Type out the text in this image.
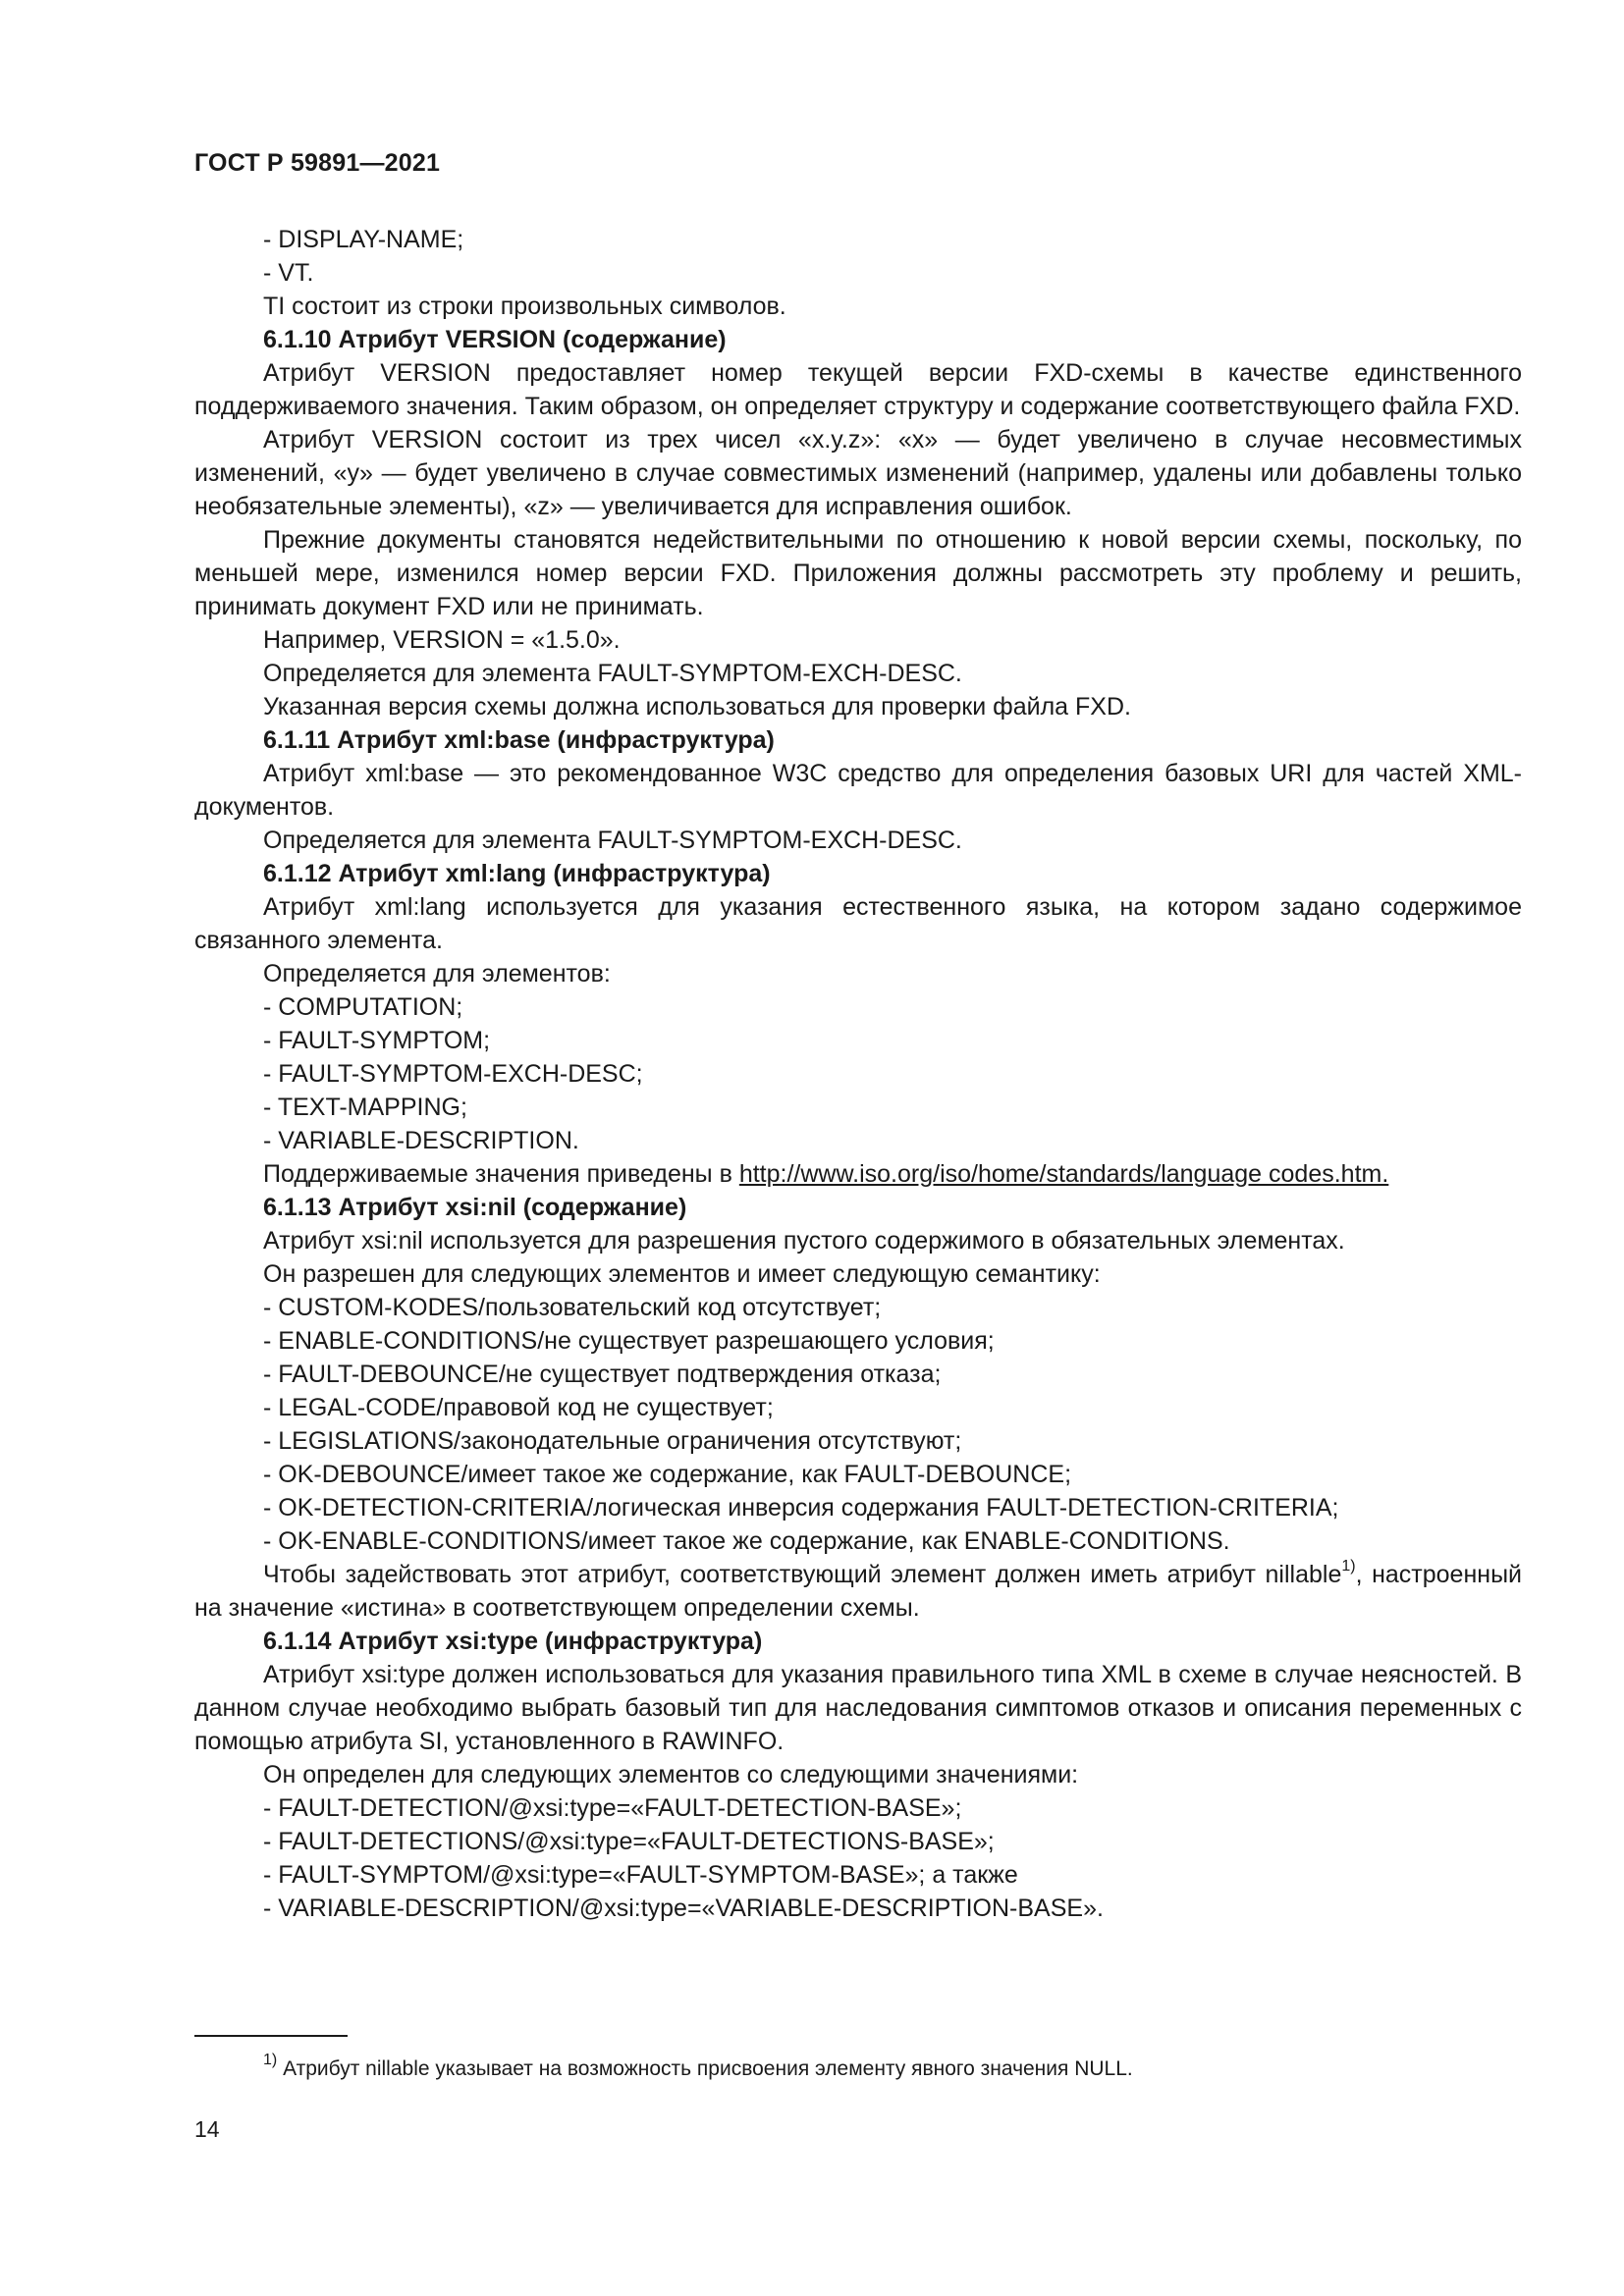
ГОСТ Р 59891—2021

- DISPLAY-NAME;

- VT.

TI состоит из строки произвольных символов.

6.1.10 Атрибут VERSION (содержание)

Атрибут VERSION предоставляет номер текущей версии FXD-схемы в качестве единственного поддерживаемого значения. Таким образом, он определяет структуру и содержание соответствующего файла FXD.

Атрибут VERSION состоит из трех чисел «x.y.z»: «x» — будет увеличено в случае несовместимых изменений, «y» — будет увеличено в случае совместимых изменений (например, удалены или добавлены только необязательные элементы), «z» — увеличивается для исправления ошибок.

Прежние документы становятся недействительными по отношению к новой версии схемы, поскольку, по меньшей мере, изменился номер версии FXD. Приложения должны рассмотреть эту проблему и решить, принимать документ FXD или не принимать.

Например, VERSION = «1.5.0».

Определяется для элемента FAULT-SYMPTOM-EXCH-DESC.

Указанная версия схемы должна использоваться для проверки файла FXD.

6.1.11 Атрибут xml:base (инфраструктура)

Атрибут xml:base — это рекомендованное W3C средство для определения базовых URI для частей XML-документов.

Определяется для элемента FAULT-SYMPTOM-EXCH-DESC.

6.1.12 Атрибут xml:lang (инфраструктура)

Атрибут xml:lang используется для указания естественного языка, на котором задано содержимое связанного элемента.

Определяется для элементов:

- COMPUTATION;

- FAULT-SYMPTOM;

- FAULT-SYMPTOM-EXCH-DESC;

- TEXT-MAPPING;

- VARIABLE-DESCRIPTION.

Поддерживаемые значения приведены в http://www.iso.org/iso/home/standards/language codes.htm.

6.1.13 Атрибут xsi:nil (содержание)

Атрибут xsi:nil используется для разрешения пустого содержимого в обязательных элементах.

Он разрешен для следующих элементов и имеет следующую семантику:

- CUSTOM-KODES/пользовательский код отсутствует;

- ENABLE-CONDITIONS/не существует разрешающего условия;

- FAULT-DEBOUNCE/не существует подтверждения отказа;

- LEGAL-CODE/правовой код не существует;

- LEGISLATIONS/законодательные ограничения отсутствуют;

- OK-DEBOUNCE/имеет такое же содержание, как FAULT-DEBOUNCE;

- OK-DETECTION-CRITERIA/логическая инверсия содержания FAULT-DETECTION-CRITERIA;

- OK-ENABLE-CONDITIONS/имеет такое же содержание, как ENABLE-CONDITIONS.

Чтобы задействовать этот атрибут, соответствующий элемент должен иметь атрибут nillable$^{1)}$, настроенный на значение «истина» в соответствующем определении схемы.

6.1.14 Атрибут xsi:type (инфраструктура)

Атрибут xsi:type должен использоваться для указания правильного типа XML в схеме в случае неясностей. В данном случае необходимо выбрать базовый тип для наследования симптомов отказов и описания переменных с помощью атрибута SI, установленного в RAWINFO.

Он определен для следующих элементов со следующими значениями:

- FAULT-DETECTION/@xsi:type=«FAULT-DETECTION-BASE»;

- FAULT-DETECTIONS/@xsi:type=«FAULT-DETECTIONS-BASE»;

- FAULT-SYMPTOM/@xsi:type=«FAULT-SYMPTOM-BASE»; а также

- VARIABLE-DESCRIPTION/@xsi:type=«VARIABLE-DESCRIPTION-BASE».

$^{1)}$ Атрибут nillable указывает на возможность присвоения элементу явного значения NULL.
14
